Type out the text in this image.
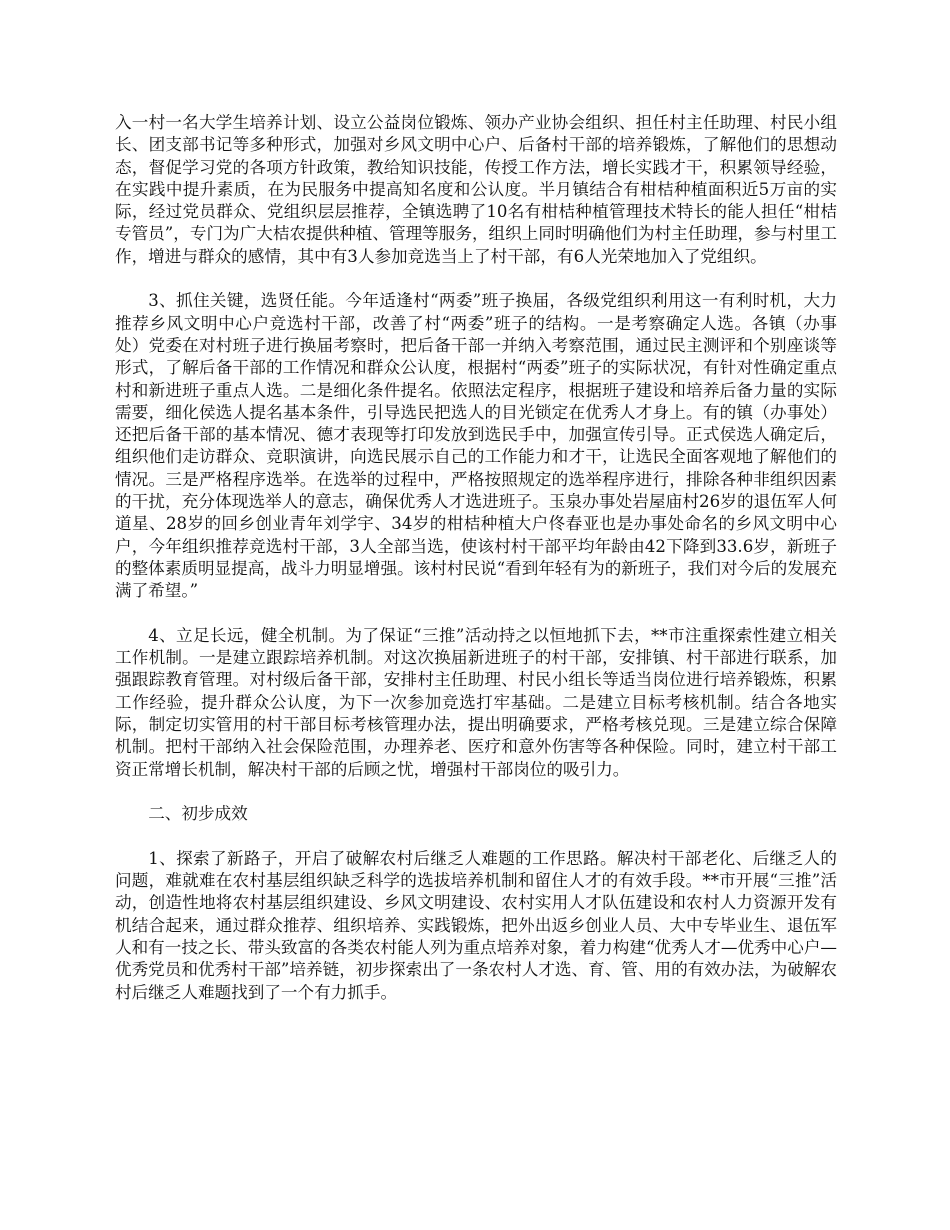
入一村一名大学生培养计划、设立公益岗位锻炼、领办产业协会组织、担任村主任助理、村民小组长、团支部书记等多种形式，加强对乡风文明中心户、后备村干部的培养锻炼，了解他们的思想动态，督促学习党的各项方针政策，教给知识技能，传授工作方法，增长实践才干，积累领导经验，在实践中提升素质，在为民服务中提高知名度和公认度。半月镇结合有柑桔种植面积近5万亩的实际，经过党员群众、党组织层层推荐，全镇选聘了10名有柑桔种植管理技术特长的能人担任“柑桔专管员”，专门为广大桔农提供种植、管理等服务，组织上同时明确他们为村主任助理，参与村里工作，增进与群众的感情，其中有3人参加竞选当上了村干部，有6人光荣地加入了党组织。

3、抓住关键，选贤任能。今年适逢村“两委”班子换届，各级党组织利用这一有利时机，大力推荐乡风文明中心户竞选村干部，改善了村“两委”班子的结构。一是考察确定人选。各镇（办事处）党委在对村班子进行换届考察时，把后备干部一并纳入考察范围，通过民主测评和个别座谈等形式，了解后备干部的工作情况和群众公认度，根据村“两委”班子的实际状况，有针对性确定重点村和新进班子重点人选。二是细化条件提名。依照法定程序，根据班子建设和培养后备力量的实际需要，细化侯选人提名基本条件，引导选民把选人的目光锁定在优秀人才身上。有的镇（办事处）还把后备干部的基本情况、德才表现等打印发放到选民手中，加强宣传引导。正式侯选人确定后，组织他们走访群众、竞职演讲，向选民展示自己的工作能力和才干，让选民全面客观地了解他们的情况。三是严格程序选举。在选举的过程中，严格按照规定的选举程序进行，排除各种非组织因素的干扰，充分体现选举人的意志，确保优秀人才选进班子。玉泉办事处岩屋庙村26岁的退伍军人何道星、28岁的回乡创业青年刘学宇、34岁的柑桔种植大户佟春亚也是办事处命名的乡风文明中心户，今年组织推荐竞选村干部，3人全部当选，使该村村干部平均年龄由42下降到33.6岁，新班子的整体素质明显提高，战斗力明显增强。该村村民说“看到年轻有为的新班子，我们对今后的发展充满了希望。”

4、立足长远，健全机制。为了保证“三推”活动持之以恒地抓下去，**市注重探索性建立相关工作机制。一是建立跟踪培养机制。对这次换届新进班子的村干部，安排镇、村干部进行联系，加强跟踪教育管理。对村级后备干部，安排村主任助理、村民小组长等适当岗位进行培养锻炼，积累工作经验，提升群众公认度，为下一次参加竞选打牢基础。二是建立目标考核机制。结合各地实际，制定切实管用的村干部目标考核管理办法，提出明确要求，严格考核兑现。三是建立综合保障机制。把村干部纳入社会保险范围，办理养老、医疗和意外伤害等各种保险。同时，建立村干部工资正常增长机制，解决村干部的后顾之忧，增强村干部岗位的吸引力。

二、初步成效

1、探索了新路子，开启了破解农村后继乏人难题的工作思路。解决村干部老化、后继乏人的问题，难就难在农村基层组织缺乏科学的选拔培养机制和留住人才的有效手段。**市开展“三推”活动，创造性地将农村基层组织建设、乡风文明建设、农村实用人才队伍建设和农村人力资源开发有机结合起来，通过群众推荐、组织培养、实践锻炼，把外出返乡创业人员、大中专毕业生、退伍军人和有一技之长、带头致富的各类农村能人列为重点培养对象，着力构建“优秀人才—优秀中心户—优秀党员和优秀村干部”培养链，初步探索出了一条农村人才选、育、管、用的有效办法，为破解农村后继乏人难题找到了一个有力抓手。
